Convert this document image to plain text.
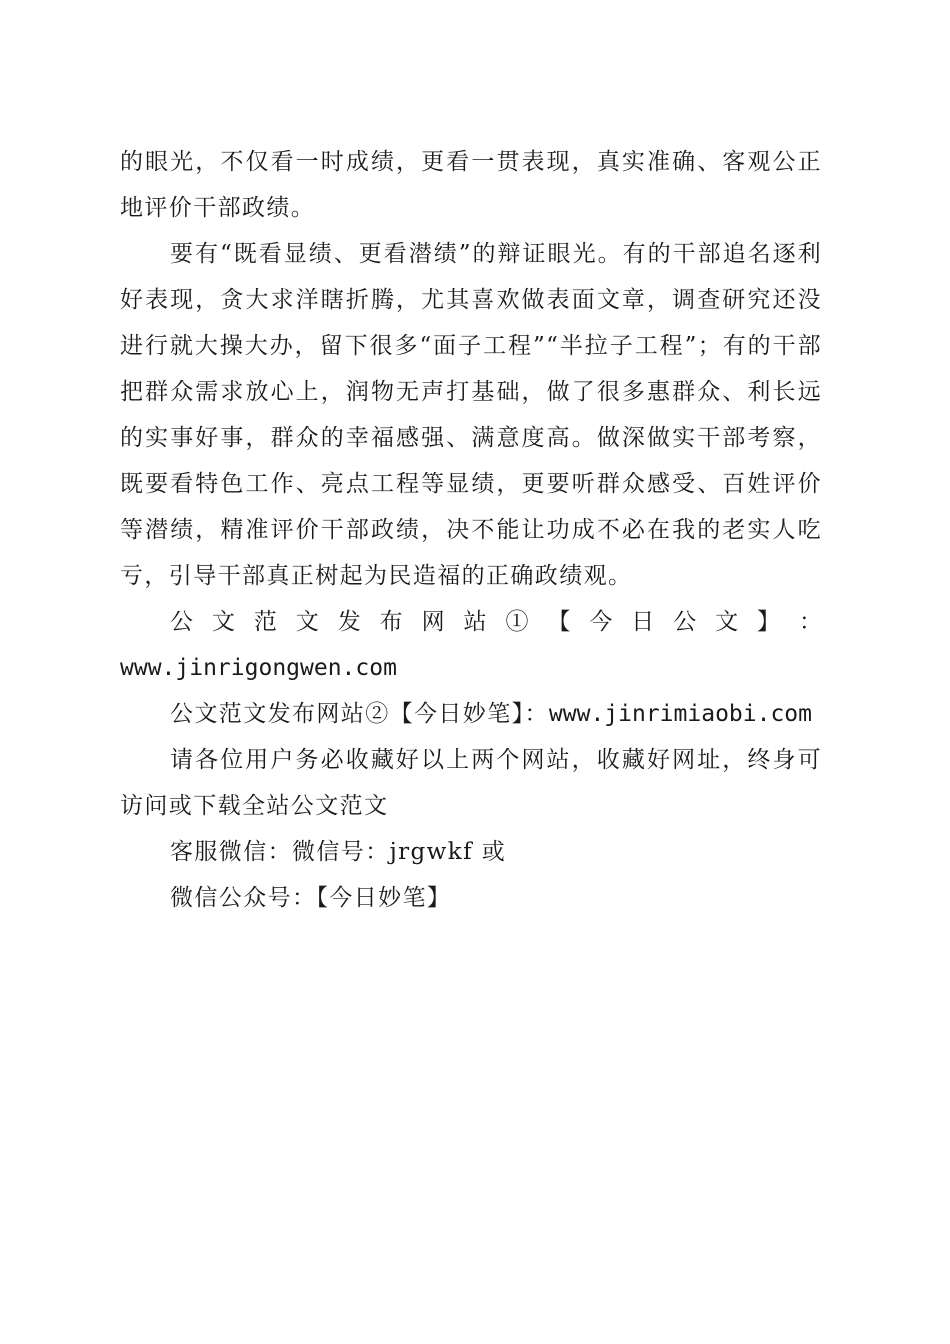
的眼光，不仅看一时成绩，更看一贯表现，真实准确、客观公正地评价干部政绩。

要有“既看显绩、更看潜绩”的辩证眼光。有的干部追名逐利好表现，贪大求洋瞎折腾，尤其喜欢做表面文章，调查研究还没进行就大操大办，留下很多“面子工程”“半拉子工程”；有的干部把群众需求放心上，润物无声打基础，做了很多惠群众、利长远的实事好事，群众的幸福感强、满意度高。做深做实干部考察，既要看特色工作、亮点工程等显绩，更要听群众感受、百姓评价等潜绩，精准评价干部政绩，决不能让功成不必在我的老实人吃亏，引导干部真正树起为民造福的正确政绩观。

公 文 范 文 发 布 网 站 ① 【 今 日 公 文 】 ：

www.jinrigongwen.com

公文范文发布网站②【今日妙笔】：www.jinrimiaobi.com

请各位用户务必收藏好以上两个网站，收藏好网址，终身可访问或下载全站公文范文

客服微信：微信号：jrgwkf 或

微信公众号：【今日妙笔】
